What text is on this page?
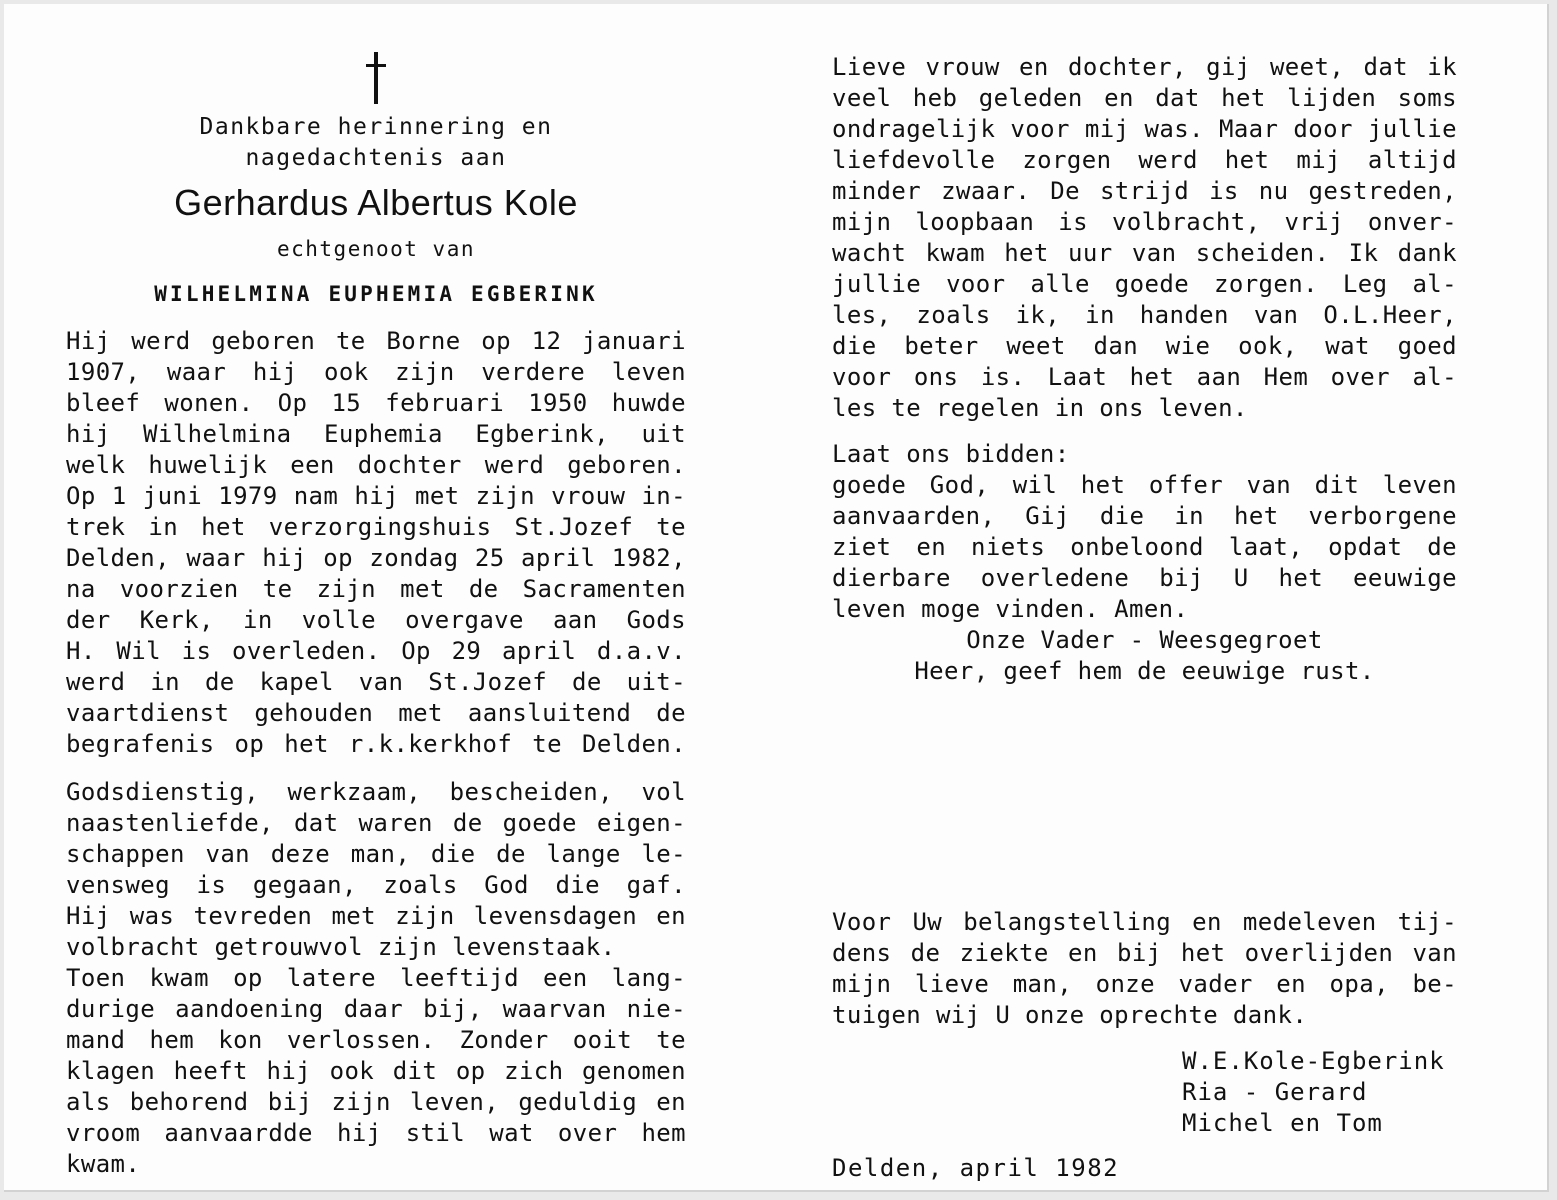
Dankbare herinnering en
nagedachtenis aan
Gerhardus Albertus Kole
echtgenoot van
WILHELMINA EUPHEMIA EGBERINK
Hij werd geboren te Borne op 12 januari
1907, waar hij ook zijn verdere leven
bleef wonen. Op 15 februari 1950 huwde
hij Wilhelmina Euphemia Egberink, uit
welk huwelijk een dochter werd geboren.
Op 1 juni 1979 nam hij met zijn vrouw in-
trek in het verzorgingshuis St.Jozef te
Delden, waar hij op zondag 25 april 1982,
na voorzien te zijn met de Sacramenten
der Kerk, in volle overgave aan Gods
H. Wil is overleden. Op 29 april d.a.v.
werd in de kapel van St.Jozef de uit-
vaartdienst gehouden met aansluitend de
begrafenis op het r.k.kerkhof te Delden.
Godsdienstig, werkzaam, bescheiden, vol
naastenliefde, dat waren de goede eigen-
schappen van deze man, die de lange le-
vensweg is gegaan, zoals God die gaf.
Hij was tevreden met zijn levensdagen en
volbracht getrouwvol zijn levenstaak.
Toen kwam op latere leeftijd een lang-
durige aandoening daar bij, waarvan nie-
mand hem kon verlossen. Zonder ooit te
klagen heeft hij ook dit op zich genomen
als behorend bij zijn leven, geduldig en
vroom aanvaardde hij stil wat over hem
kwam.
Lieve vrouw en dochter, gij weet, dat ik
veel heb geleden en dat het lijden soms
ondragelijk voor mij was. Maar door jullie
liefdevolle zorgen werd het mij altijd
minder zwaar. De strijd is nu gestreden,
mijn loopbaan is volbracht, vrij onver-
wacht kwam het uur van scheiden. Ik dank
jullie voor alle goede zorgen. Leg al-
les, zoals ik, in handen van O.L.Heer,
die beter weet dan wie ook, wat goed
voor ons is. Laat het aan Hem over al-
les te regelen in ons leven.
Laat ons bidden:
goede God, wil het offer van dit leven
aanvaarden, Gij die in het verborgene
ziet en niets onbeloond laat, opdat de
dierbare overledene bij U het eeuwige
leven moge vinden. Amen.
Onze Vader - Weesgegroet
Heer, geef hem de eeuwige rust.
Voor Uw belangstelling en medeleven tij-
dens de ziekte en bij het overlijden van
mijn lieve man, onze vader en opa, be-
tuigen wij U onze oprechte dank.
W.E.Kole-Egberink
Ria - Gerard
Michel en Tom
Delden, april 1982
